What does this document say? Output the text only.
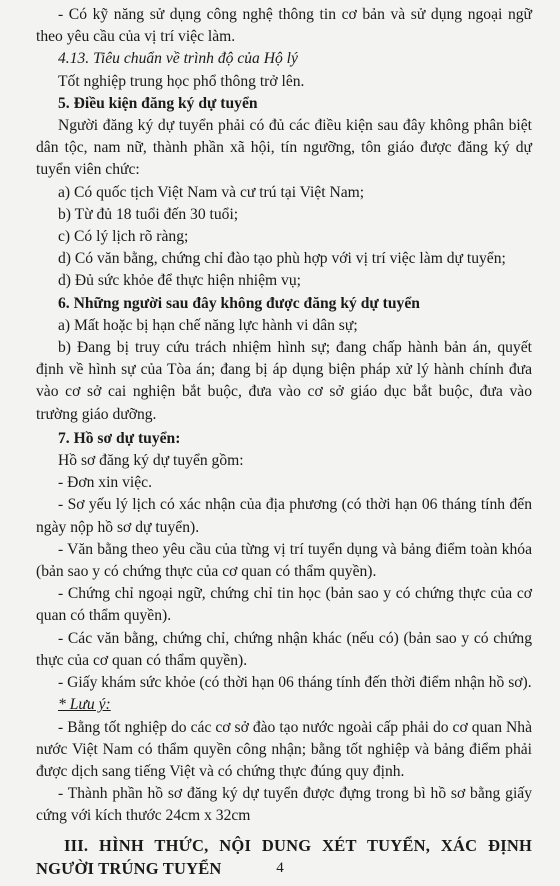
- Có kỹ năng sử dụng công nghệ thông tin cơ bản và sử dụng ngoại ngữ theo yêu cầu của vị trí việc làm.

4.13. Tiêu chuẩn về trình độ của Hộ lý

Tốt nghiệp trung học phổ thông trở lên.

5. Điều kiện đăng ký dự tuyển

Người đăng ký dự tuyển phải có đủ các điều kiện sau đây không phân biệt dân tộc, nam nữ, thành phần xã hội, tín ngưỡng, tôn giáo được đăng ký dự tuyển viên chức:

a) Có quốc tịch Việt Nam và cư trú tại Việt Nam;

b) Từ đủ 18 tuổi đến 30 tuổi;

c) Có lý lịch rõ ràng;

d) Có văn bằng, chứng chỉ đào tạo phù hợp với vị trí việc làm dự tuyển;

d) Đủ sức khỏe để thực hiện nhiệm vụ;

6. Những người sau đây không được đăng ký dự tuyển

a) Mất hoặc bị hạn chế năng lực hành vi dân sự;

b) Đang bị truy cứu trách nhiệm hình sự; đang chấp hành bản án, quyết định về hình sự của Tòa án; đang bị áp dụng biện pháp xử lý hành chính đưa vào cơ sở cai nghiện bắt buộc, đưa vào cơ sở giáo dục bắt buộc, đưa vào trường giáo dưỡng.

7. Hồ sơ dự tuyển:

Hồ sơ đăng ký dự tuyển gồm:

- Đơn xin việc.

- Sơ yếu lý lịch có xác nhận của địa phương (có thời hạn 06 tháng tính đến ngày nộp hồ sơ dự tuyển).

- Văn bằng theo yêu cầu của từng vị trí tuyển dụng và bảng điểm toàn khóa (bản sao y có chứng thực của cơ quan có thẩm quyền).

- Chứng chỉ ngoại ngữ, chứng chỉ tin học (bản sao y có chứng thực của cơ quan có thẩm quyền).

- Các văn bằng, chứng chỉ, chứng nhận khác (nếu có) (bản sao y có chứng thực của cơ quan có thẩm quyền).

- Giấy khám sức khỏe (có thời hạn 06 tháng tính đến thời điểm nhận hồ sơ).

* Lưu ý:

- Bằng tốt nghiệp do các cơ sở đào tạo nước ngoài cấp phải do cơ quan Nhà nước Việt Nam có thẩm quyền công nhận; bằng tốt nghiệp và bảng điểm phải được dịch sang tiếng Việt và có chứng thực đúng quy định.

- Thành phần hồ sơ đăng ký dự tuyển được đựng trong bì hồ sơ bằng giấy cứng với kích thước 24cm x 32cm

III. HÌNH THỨC, NỘI DUNG XÉT TUYỂN, XÁC ĐỊNH NGƯỜI TRÚNG TUYỂN	4
